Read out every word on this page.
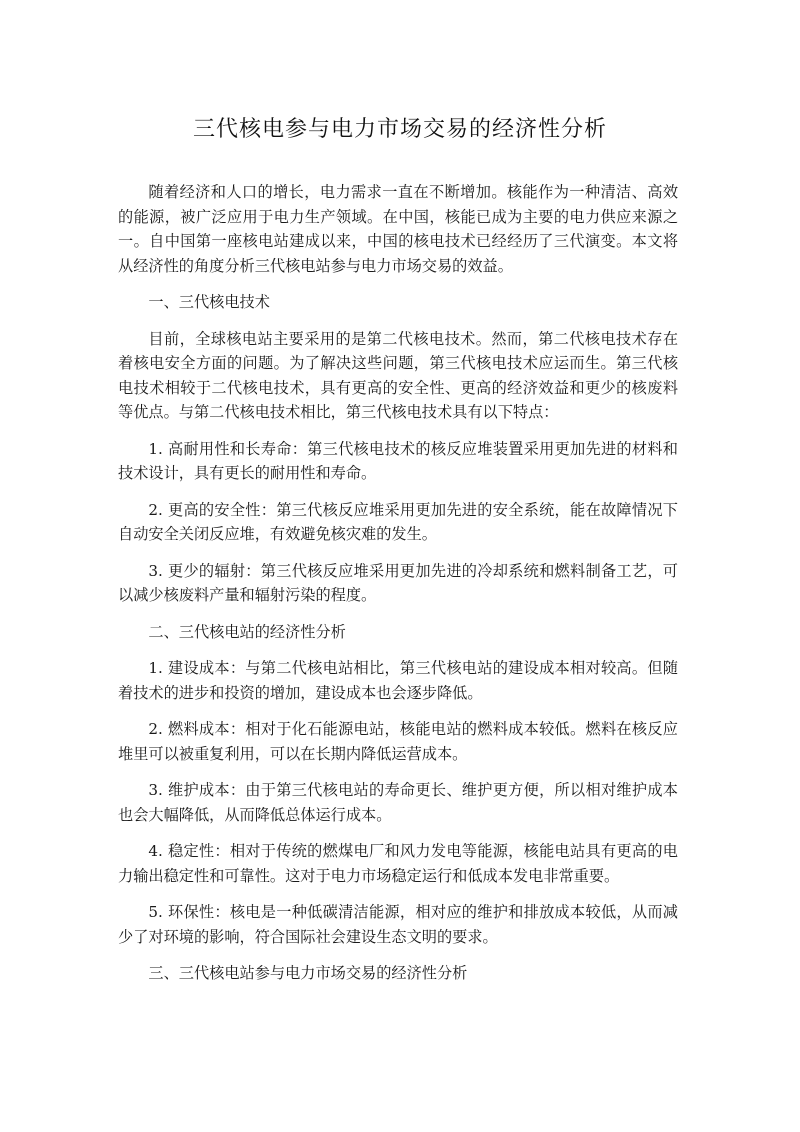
三代核电参与电力市场交易的经济性分析

随着经济和人口的增长，电力需求一直在不断增加。核能作为一种清洁、高效的能源，被广泛应用于电力生产领域。在中国，核能已成为主要的电力供应来源之一。自中国第一座核电站建成以来，中国的核电技术已经经历了三代演变。本文将从经济性的角度分析三代核电站参与电力市场交易的效益。

一、三代核电技术

目前，全球核电站主要采用的是第二代核电技术。然而，第二代核电技术存在着核电安全方面的问题。为了解决这些问题，第三代核电技术应运而生。第三代核电技术相较于二代核电技术，具有更高的安全性、更高的经济效益和更少的核废料等优点。与第二代核电技术相比，第三代核电技术具有以下特点：

1. 高耐用性和长寿命：第三代核电技术的核反应堆装置采用更加先进的材料和技术设计，具有更长的耐用性和寿命。

2. 更高的安全性：第三代核反应堆采用更加先进的安全系统，能在故障情况下自动安全关闭反应堆，有效避免核灾难的发生。

3. 更少的辐射：第三代核反应堆采用更加先进的冷却系统和燃料制备工艺，可以减少核废料产量和辐射污染的程度。

二、三代核电站的经济性分析

1. 建设成本：与第二代核电站相比，第三代核电站的建设成本相对较高。但随着技术的进步和投资的增加，建设成本也会逐步降低。

2. 燃料成本：相对于化石能源电站，核能电站的燃料成本较低。燃料在核反应堆里可以被重复利用，可以在长期内降低运营成本。

3. 维护成本：由于第三代核电站的寿命更长、维护更方便，所以相对维护成本也会大幅降低，从而降低总体运行成本。

4. 稳定性：相对于传统的燃煤电厂和风力发电等能源，核能电站具有更高的电力输出稳定性和可靠性。这对于电力市场稳定运行和低成本发电非常重要。

5. 环保性：核电是一种低碳清洁能源，相对应的维护和排放成本较低，从而减少了对环境的影响，符合国际社会建设生态文明的要求。

三、三代核电站参与电力市场交易的经济性分析
